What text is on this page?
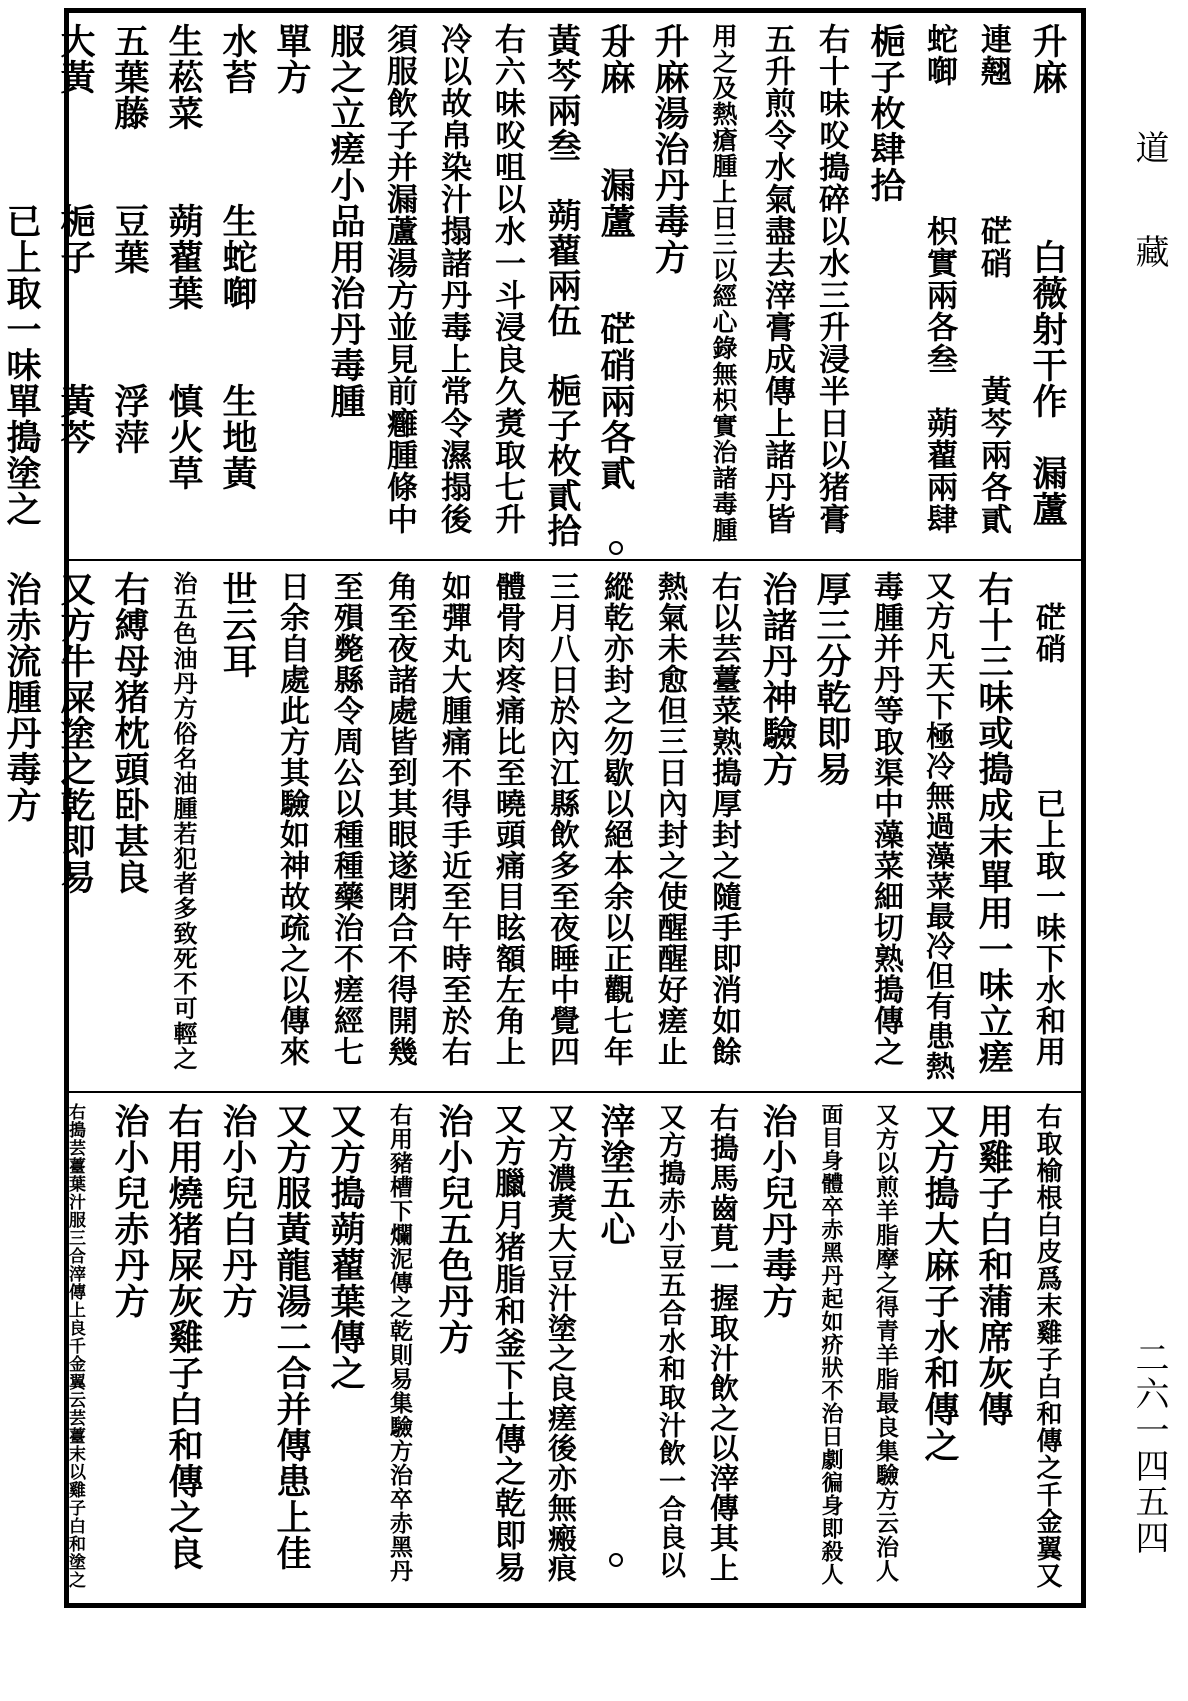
升麻　　　　白薇射干作　漏蘆
連翹　　　　硭硝　　　黃芩兩各貳
蛇啣　　　　枳實兩各叁　蒴藋兩肆
梔子枚肆拾
右十味㕮搗碎以水三升浸半日以猪膏
五升煎令水氣盡去滓膏成傳上諸丹皆
用之及熱瘡腫上日三以經心錄無枳實治諸毒腫
升麻湯治丹毒方
升麻　　漏蘆　　硭硝兩各貳
黃芩兩叁　蒴藋兩伍　梔子枚貳拾
右六味㕮咀以水一斗浸良久煑取七升
冷以故帛染汁搨諸丹毒上常令濕搨後
須服飲子并漏蘆湯方並見前癰腫條中
服之立瘥小品用治丹毒腫
單方
水苔　　　生蛇啣　　生地黃
生菘菜　　蒴藋葉　　慎火草
五葉藤　　豆葉　　　浮萍
大黃　　　梔子　　　黃芩
　　　　　已上取一味單搗塗之
　硭硝　　　　已上取一味下水和用
右十三味或搗成末單用一味立瘥
又方凡天下極冷無過藻菜最冷但有患熱
毒腫并丹等取渠中藻菜細切熟搗傳之
厚三分乾即易
治諸丹神驗方
右以芸薹菜熟搗厚封之隨手即消如餘
熱氣未愈但三日內封之使醒醒好瘥止
縱乾亦封之勿歇以絕本余以正觀七年
三月八日於內江縣飲多至夜睡中覺四
體骨肉疼痛比至曉頭痛目眩額左角上
如彈丸大腫痛不得手近至午時至於右
角至夜諸處皆到其眼遂閉合不得開幾
至殞斃縣令周公以種種藥治不瘥經七
日余自處此方其驗如神故疏之以傳來
世云耳
治五色油丹方俗名油腫若犯者多致死不可輕之
右縛母猪枕頭卧甚良
又方牛屎塗之乾即易
治赤流腫丹毒方
右取榆根白皮爲末雞子白和傳之千金翼又
用雞子白和蒲席灰傳
又方搗大麻子水和傳之
又方以煎羊脂摩之得青羊脂最良集驗方云治人
面目身體卒赤黑丹起如疥狀不治日劇徧身即殺人
治小兒丹毒方
右搗馬齒莧一握取汁飲之以滓傳其上
又方搗赤小豆五合水和取汁飲一合良以
滓塗五心
又方濃煑大豆汁塗之良瘥後亦無瘢痕
又方臘月猪脂和釜下土傳之乾即易
治小兒五色丹方
右用豬槽下爛泥傳之乾則易集驗方治卒赤黑丹
又方搗蒴藋葉傳之
又方服黃龍湯二合并傳患上佳
治小兒白丹方
右用燒猪屎灰雞子白和傳之良
治小兒赤丹方
右搗芸薹葉汁服三合滓傳上良千金翼云芸薹末以雞子白和塗之
道藏
二六一四五四
